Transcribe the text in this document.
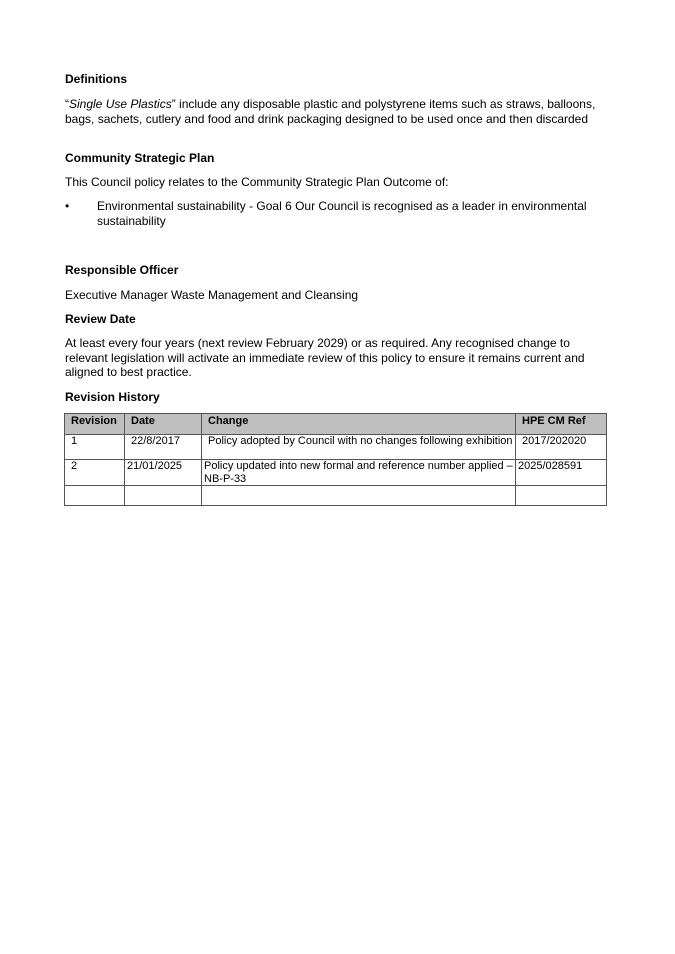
Definitions

“Single Use Plastics” include any disposable plastic and polystyrene items such as straws, balloons, bags, sachets, cutlery and food and drink packaging designed to be used once and then discarded

Community Strategic Plan

This Council policy relates to the Community Strategic Plan Outcome of:

• Environmental sustainability - Goal 6 Our Council is recognised as a leader in environmental sustainability
Responsible Officer

Executive Manager Waste Management and Cleansing

Review Date

At least every four years (next review February 2029) or as required. Any recognised change to relevant legislation will activate an immediate review of this policy to ensure it remains current and aligned to best practice.

Revision History
Revision	Date	Change	HPE CM Ref
1	22/8/2017	Policy adopted by Council with no changes following exhibition	2017/202020
2	21/01/2025	Policy updated into new formal and reference number applied – NB-P-33	2025/028591
